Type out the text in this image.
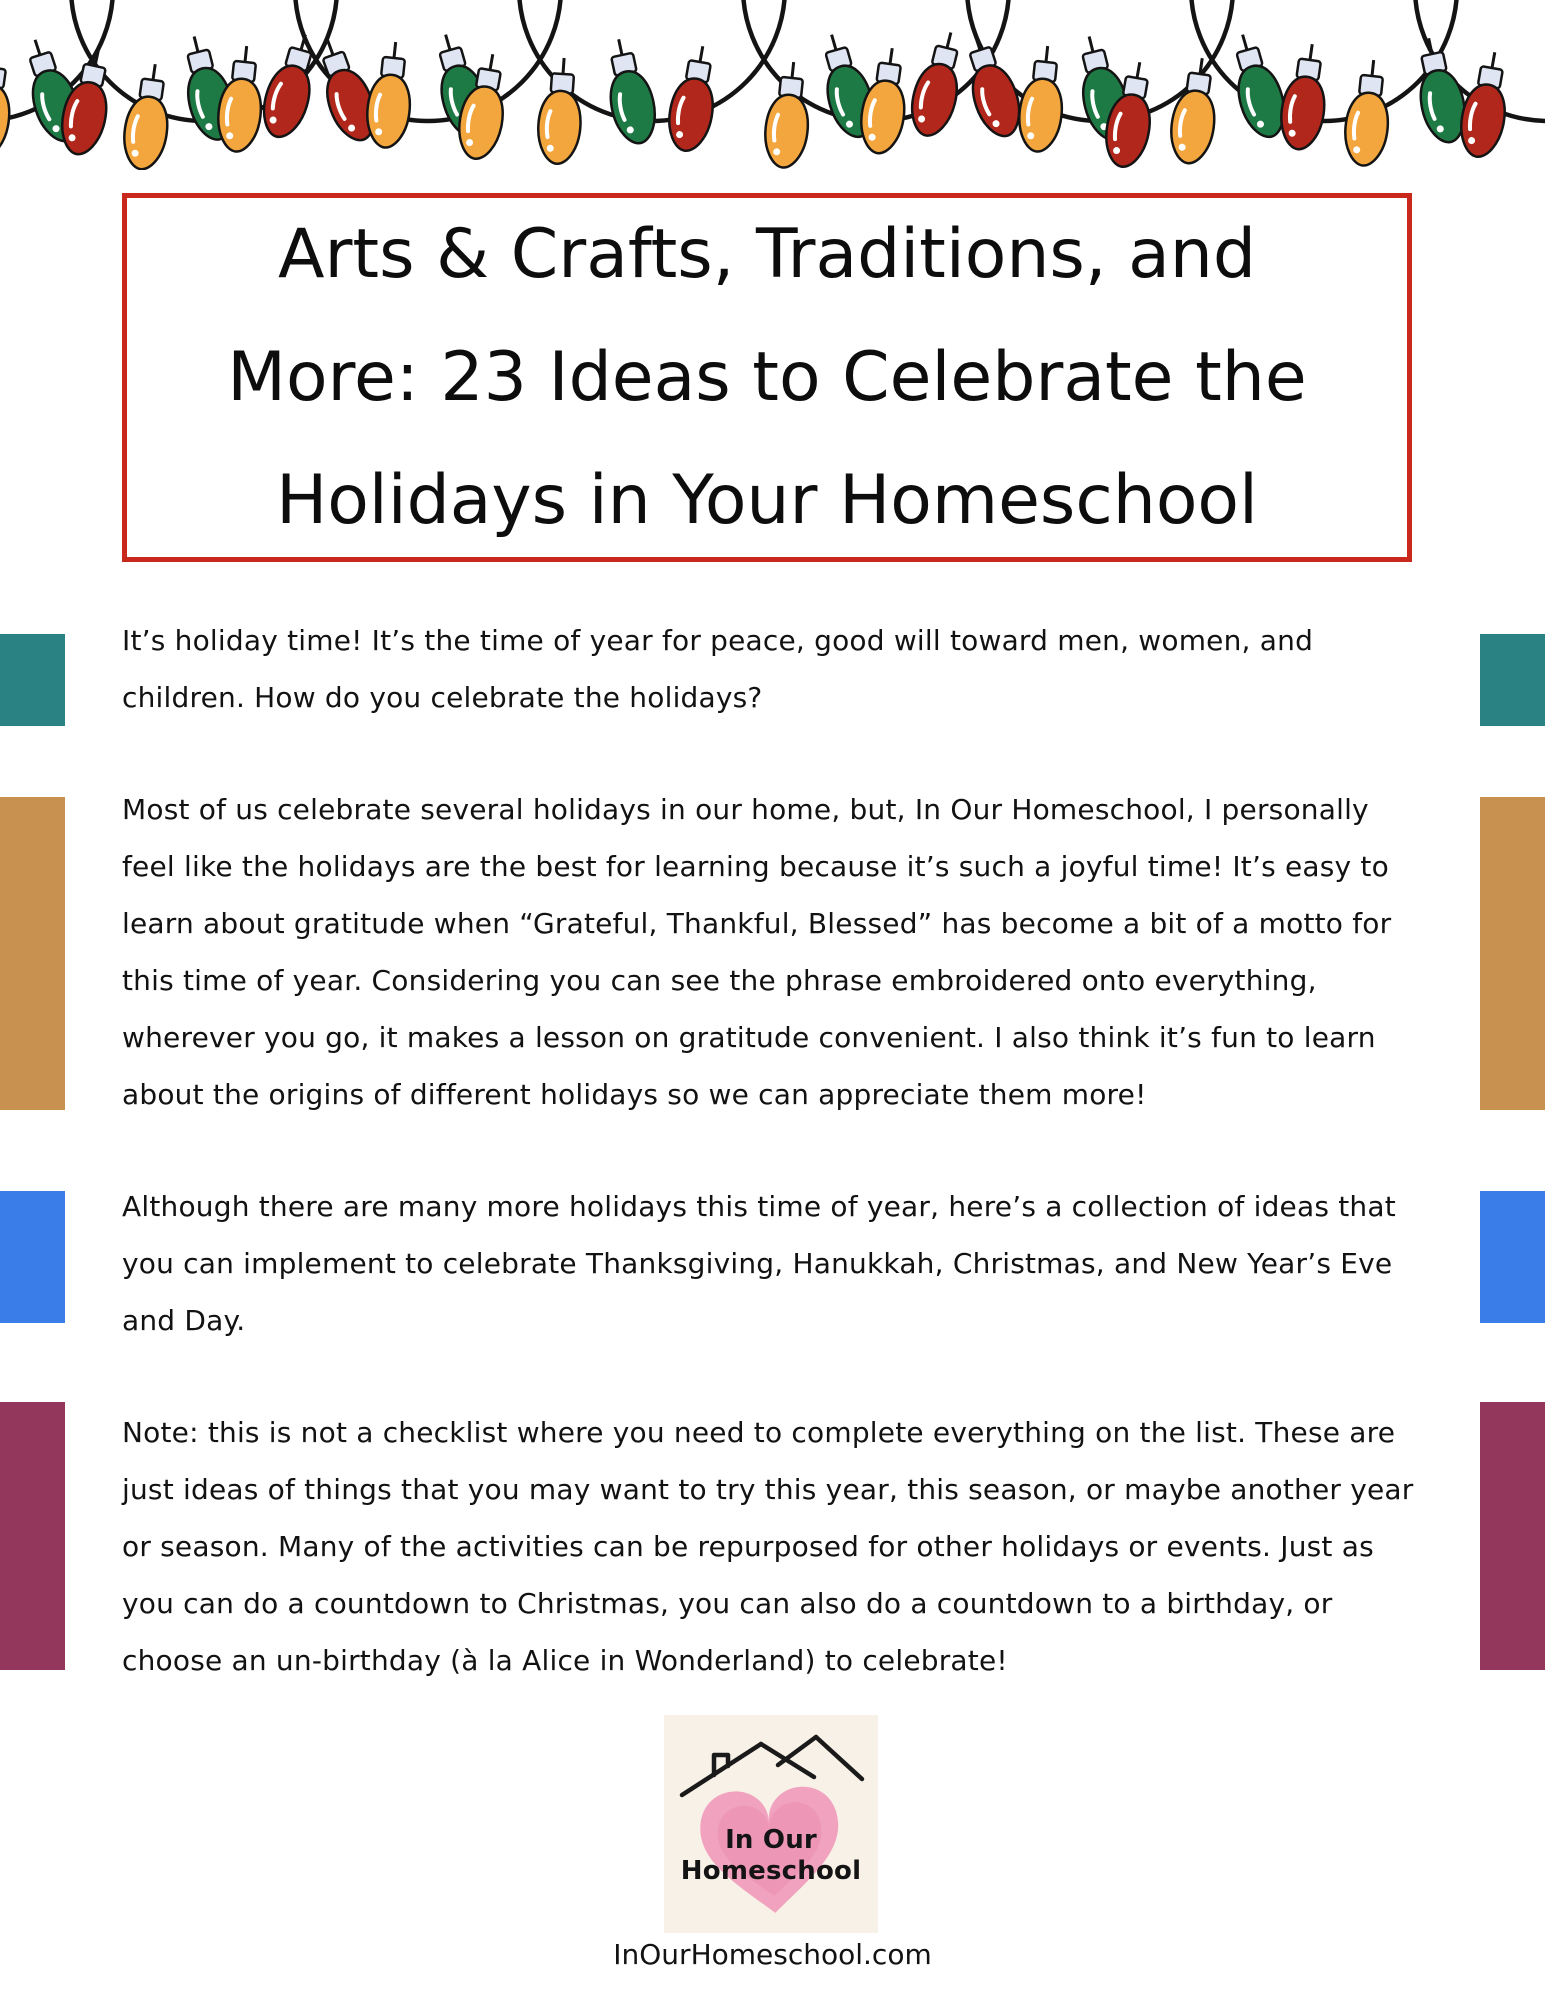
Arts & Crafts, Traditions, and
More: 23 Ideas to Celebrate the
Holidays in Your Homeschool

It’s holiday time! It’s the time of year for peace, good will toward men, women, and children. How do you celebrate the holidays?

Most of us celebrate several holidays in our home, but, In Our Homeschool, I personally feel like the holidays are the best for learning because it’s such a joyful time! It’s easy to learn about gratitude when “Grateful, Thankful, Blessed” has become a bit of a motto for this time of year. Considering you can see the phrase embroidered onto everything, wherever you go, it makes a lesson on gratitude convenient. I also think it’s fun to learn about the origins of different holidays so we can appreciate them more!

Although there are many more holidays this time of year, here’s a collection of ideas that you can implement to celebrate Thanksgiving, Hanukkah, Christmas, and New Year’s Eve and Day.

Note: this is not a checklist where you need to complete everything on the list. These are just ideas of things that you may want to try this year, this season, or maybe another year or season. Many of the activities can be repurposed for other holidays or events. Just as you can do a countdown to Christmas, you can also do a countdown to a birthday, or choose an un-birthday (à la Alice in Wonderland) to celebrate!

In Our
Homeschool
InOurHomeschool.com
